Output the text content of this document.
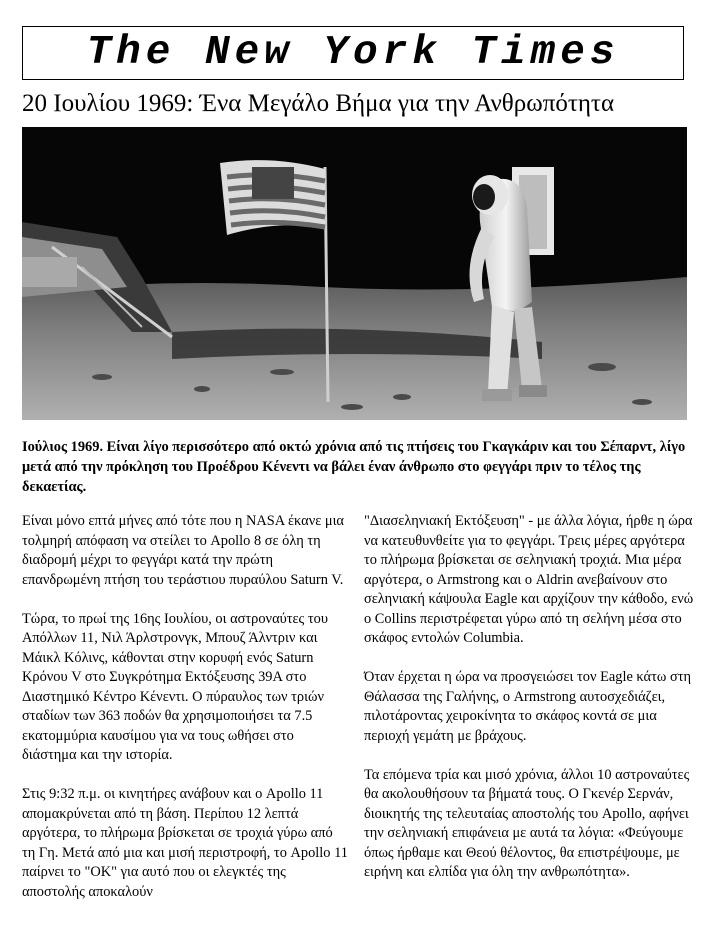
The New York Times
20 Ιουλίου 1969: Ένα Μεγάλο Βήμα για την Ανθρωπότητα
Ιούλιος 1969. Είναι λίγο περισσότερο από οκτώ χρόνια από τις πτήσεις του Γκαγκάριν και του Σέπαρντ, λίγο μετά από την πρόκληση του Προέδρου Κένεντι να βάλει έναν άνθρωπο στο φεγγάρι πριν το τέλος της δεκαετίας.

Είναι μόνο επτά μήνες από τότε που η NASA έκανε μια τολμηρή απόφαση να στείλει το Apollo 8 σε όλη τη διαδρομή μέχρι το φεγγάρι κατά την πρώτη επανδρωμένη πτήση του τεράστιου πυραύλου Saturn V.

Τώρα, το πρωί της 16ης Ιουλίου, οι αστροναύτες του Απόλλων 11, Νιλ Άρλστρονγκ, Μπουζ Άλντριν και Μάικλ Κόλινς, κάθονται στην κορυφή ενός Saturn Κρόνου V στο Συγκρότημα Εκτόξευσης 39Α στο Διαστημικό Κέντρο Κένεντι. Ο πύραυλος των τριών σταδίων των 363 ποδών θα χρησιμοποιήσει τα 7.5 εκατομμύρια καυσίμου για να τους ωθήσει στο διάστημα και την ιστορία.

Στις 9:32 π.μ. οι κινητήρες ανάβουν και ο Apollo 11 απομακρύνεται από τη βάση. Περίπου 12 λεπτά αργότερα, το πλήρωμα βρίσκεται σε τροχιά γύρω από τη Γη. Μετά από μια και μισή περιστροφή, το Apollo 11 παίρνει το "ΟΚ" για αυτό που οι ελεγκτές της αποστολής αποκαλούν

"Διασεληνιακή Εκτόξευση" - με άλλα λόγια, ήρθε η ώρα να κατευθυνθείτε για το φεγγάρι. Τρεις μέρες αργότερα το πλήρωμα βρίσκεται σε σεληνιακή τροχιά. Μια μέρα αργότερα, ο Armstrong και ο Aldrin ανεβαίνουν στο σεληνιακή κάψουλα Eagle και αρχίζουν την κάθοδο, ενώ ο Collins περιστρέφεται γύρω από τη σελήνη μέσα στο σκάφος εντολών Columbia.

Όταν έρχεται η ώρα να προσγειώσει τον Eagle κάτω στη Θάλασσα της Γαλήνης, ο Armstrong αυτοσχεδιάζει, πιλοτάροντας χειροκίνητα το σκάφος κοντά σε μια περιοχή γεμάτη με βράχους.

Τα επόμενα τρία και μισό χρόνια, άλλοι 10 αστροναύτες θα ακολουθήσουν τα βήματά τους. Ο Γκενέρ Σερνάν, διοικητής της τελευταίας αποστολής του Apollo, αφήνει την σεληνιακή επιφάνεια με αυτά τα λόγια: «Φεύγουμε όπως ήρθαμε και Θεού θέλοντος, θα επιστρέψουμε, με ειρήνη και ελπίδα για όλη την ανθρωπότητα».
